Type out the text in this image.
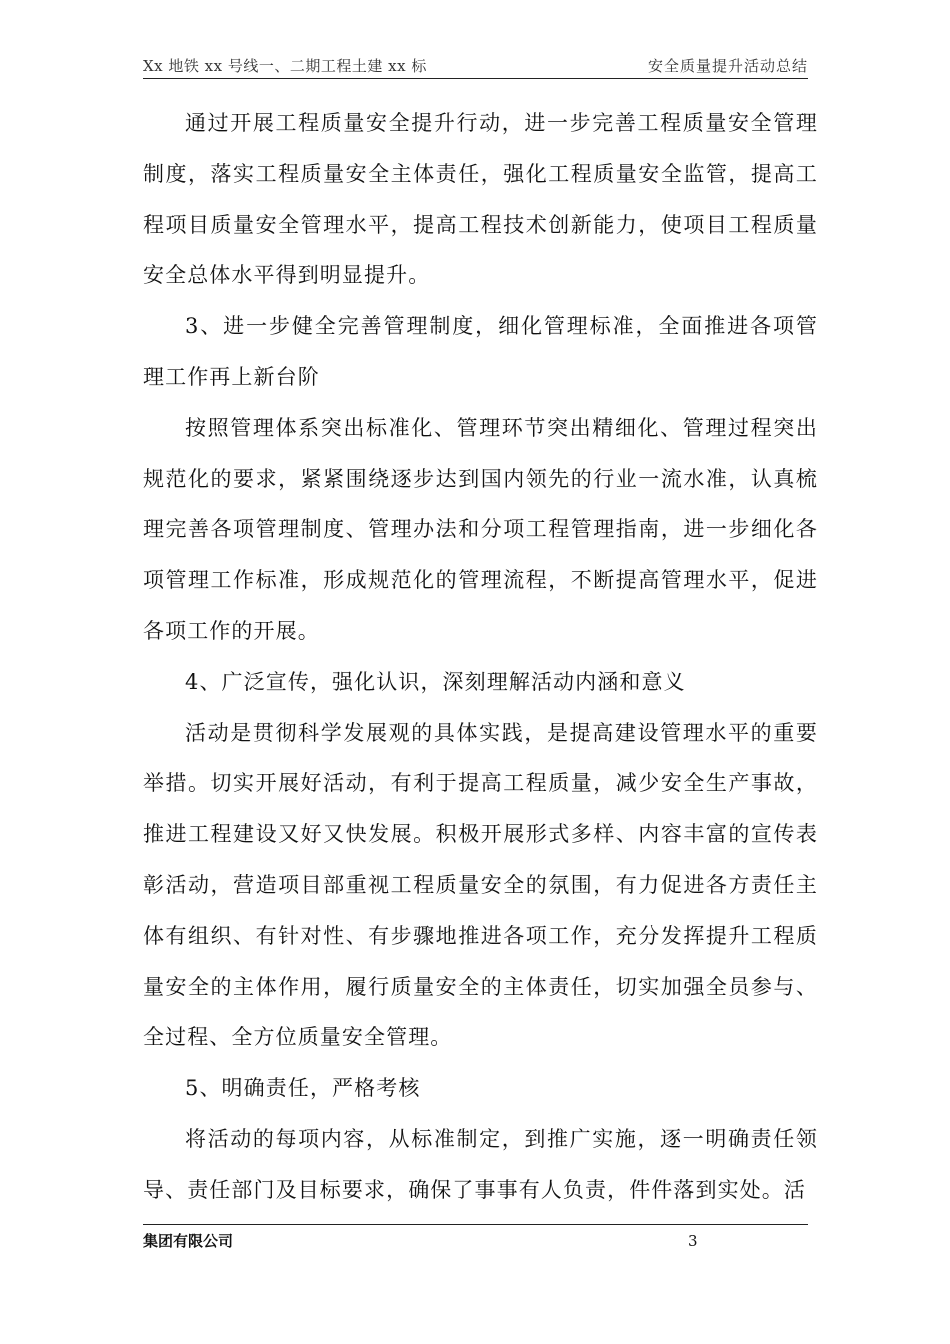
Xx 地铁 xx 号线一、二期工程土建 xx 标	安全质量提升活动总结

通过开展工程质量安全提升行动，进一步完善工程质量安全管理制度，落实工程质量安全主体责任，强化工程质量安全监管，提高工程项目质量安全管理水平，提高工程技术创新能力，使项目工程质量安全总体水平得到明显提升。

3、进一步健全完善管理制度，细化管理标准，全面推进各项管理工作再上新台阶

按照管理体系突出标准化、管理环节突出精细化、管理过程突出规范化的要求，紧紧围绕逐步达到国内领先的行业一流水准，认真梳理完善各项管理制度、管理办法和分项工程管理指南，进一步细化各项管理工作标准，形成规范化的管理流程，不断提高管理水平，促进各项工作的开展。

4、广泛宣传，强化认识，深刻理解活动内涵和意义

活动是贯彻科学发展观的具体实践，是提高建设管理水平的重要举措。切实开展好活动，有利于提高工程质量，减少安全生产事故，推进工程建设又好又快发展。积极开展形式多样、内容丰富的宣传表彰活动，营造项目部重视工程质量安全的氛围，有力促进各方责任主体有组织、有针对性、有步骤地推进各项工作，充分发挥提升工程质量安全的主体作用，履行质量安全的主体责任，切实加强全员参与、全过程、全方位质量安全管理。

5、明确责任，严格考核

将活动的每项内容，从标准制定，到推广实施，逐一明确责任领导、责任部门及目标要求，确保了事事有人负责，件件落到实处。活

集团有限公司	3
